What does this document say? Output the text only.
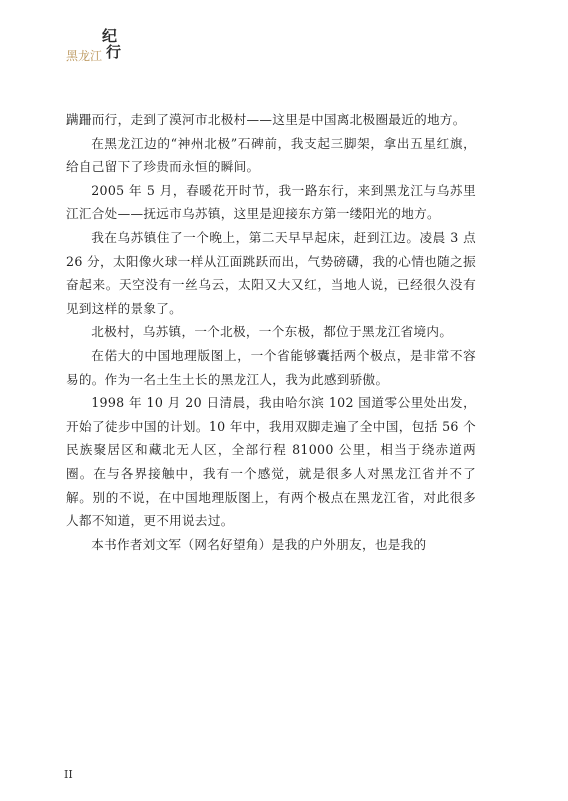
纪

行

黑龙江

蹒跚而行，走到了漠河市北极村——这里是中国离北极圈最近的地方。

在黑龙江边的“神州北极”石碑前，我支起三脚架，拿出五星红旗，给自己留下了珍贵而永恒的瞬间。

2005 年 5 月，春暖花开时节，我一路东行，来到黑龙江与乌苏里江汇合处——抚远市乌苏镇，这里是迎接东方第一缕阳光的地方。

我在乌苏镇住了一个晚上，第二天早早起床，赶到江边。凌晨 3 点 26 分，太阳像火球一样从江面跳跃而出，气势磅礴，我的心情也随之振奋起来。天空没有一丝乌云，太阳又大又红，当地人说，已经很久没有见到这样的景象了。

北极村，乌苏镇，一个北极，一个东极，都位于黑龙江省境内。

在偌大的中国地理版图上，一个省能够囊括两个极点，是非常不容易的。作为一名土生土长的黑龙江人，我为此感到骄傲。

1998 年 10 月 20 日清晨，我由哈尔滨 102 国道零公里处出发，开始了徒步中国的计划。10 年中，我用双脚走遍了全中国，包括 56 个民族聚居区和藏北无人区，全部行程 81000 公里，相当于绕赤道两圈。在与各界接触中，我有一个感觉，就是很多人对黑龙江省并不了解。别的不说，在中国地理版图上，有两个极点在黑龙江省，对此很多人都不知道，更不用说去过。

本书作者刘文军（网名好望角）是我的户外朋友，也是我的

II
